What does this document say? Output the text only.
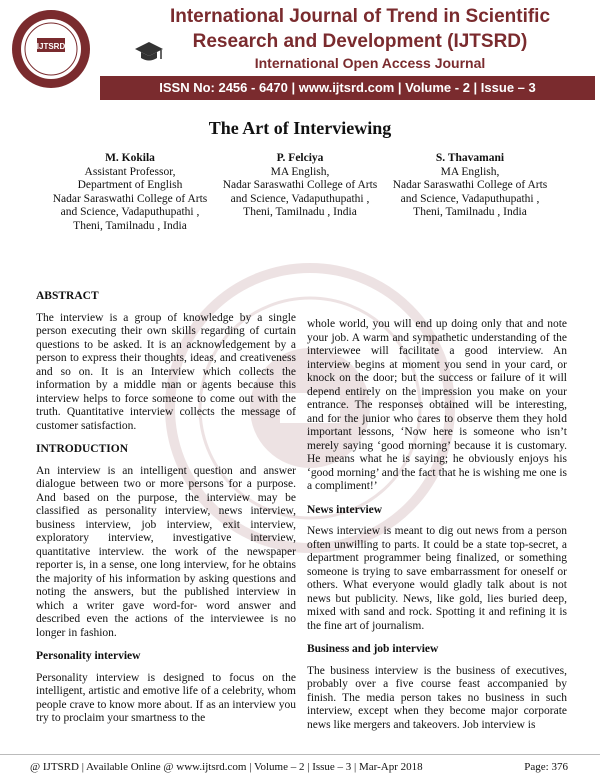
IJTSRD
International Journal of Trend in Scientific
Research and Development (IJTSRD)
International Open Access Journal
ISSN No: 2456 - 6470 | www.ijtsrd.com | Volume - 2 | Issue – 3
The Art of Interviewing
M. Kokila
Assistant Professor,
Department of English
Nadar Saraswathi College of Arts
and Science, Vadaputhupathi ,
Theni, Tamilnadu , India
P. Felciya
MA English,
Nadar Saraswathi College of Arts
and Science, Vadaputhupathi ,
Theni, Tamilnadu , India
S. Thavamani
MA English,
Nadar Saraswathi College of Arts
and Science, Vadaputhupathi ,
Theni, Tamilnadu , India
ABSTRACT

The interview is a group of knowledge by a single person executing their own skills regarding of curtain questions to be asked. It is an acknowledgement by a person to express their thoughts, ideas, and creativeness and so on. It is an Interview which collects the information by a middle man or agents because this interview helps to force someone to come out with the truth. Quantitative interview collects the message of customer satisfaction.

INTRODUCTION

An interview is an intelligent question and answer dialogue between two or more persons for a purpose. And based on the purpose, the interview may be classified as personality interview, news interview, business interview, job interview, exit interview, exploratory interview, investigative interview, quantitative interview. the work of the newspaper reporter is, in a sense, one long interview, for he obtains the majority of his information by asking questions and noting the answers, but the published interview in which a writer gave word-for- word answer and described even the actions of the interviewee is no longer in fashion.

Personality interview

Personality interview is designed to focus on the intelligent, artistic and emotive life of a celebrity, whom people crave to know more about. If as an interview you try to proclaim your smartness to the

whole world, you will end up doing only that and note your job. A warm and sympathetic understanding of the interviewee will facilitate a good interview. An interview begins at moment you send in your card, or knock on the door; but the success or failure of it will depend entirely on the impression you make on your entrance. The responses obtained will be interesting, and for the junior who cares to observe them they hold important lessons, ‘Now here is someone who isn’t merely saying ‘good morning’ because it is customary. He means what he is saying; he obviously enjoys his ‘good morning’ and the fact that he is wishing me one is a compliment!’

News interview

News interview is meant to dig out news from a person often unwilling to parts. It could be a state top-secret, a department programmer being finalized, or something someone is trying to save embarrassment for oneself or others. What everyone would gladly talk about is not news but publicity. News, like gold, lies buried deep, mixed with sand and rock. Spotting it and refining it is the fine art of journalism.

Business and job interview

The business interview is the business of executives, probably over a five course feast accompanied by finish. The media person takes no business in such interview, except when they become major corporate news like mergers and takeovers. Job interview is

@ IJTSRD | Available Online @ www.ijtsrd.com | Volume – 2 | Issue – 3 | Mar-Apr 2018	Page: 376
